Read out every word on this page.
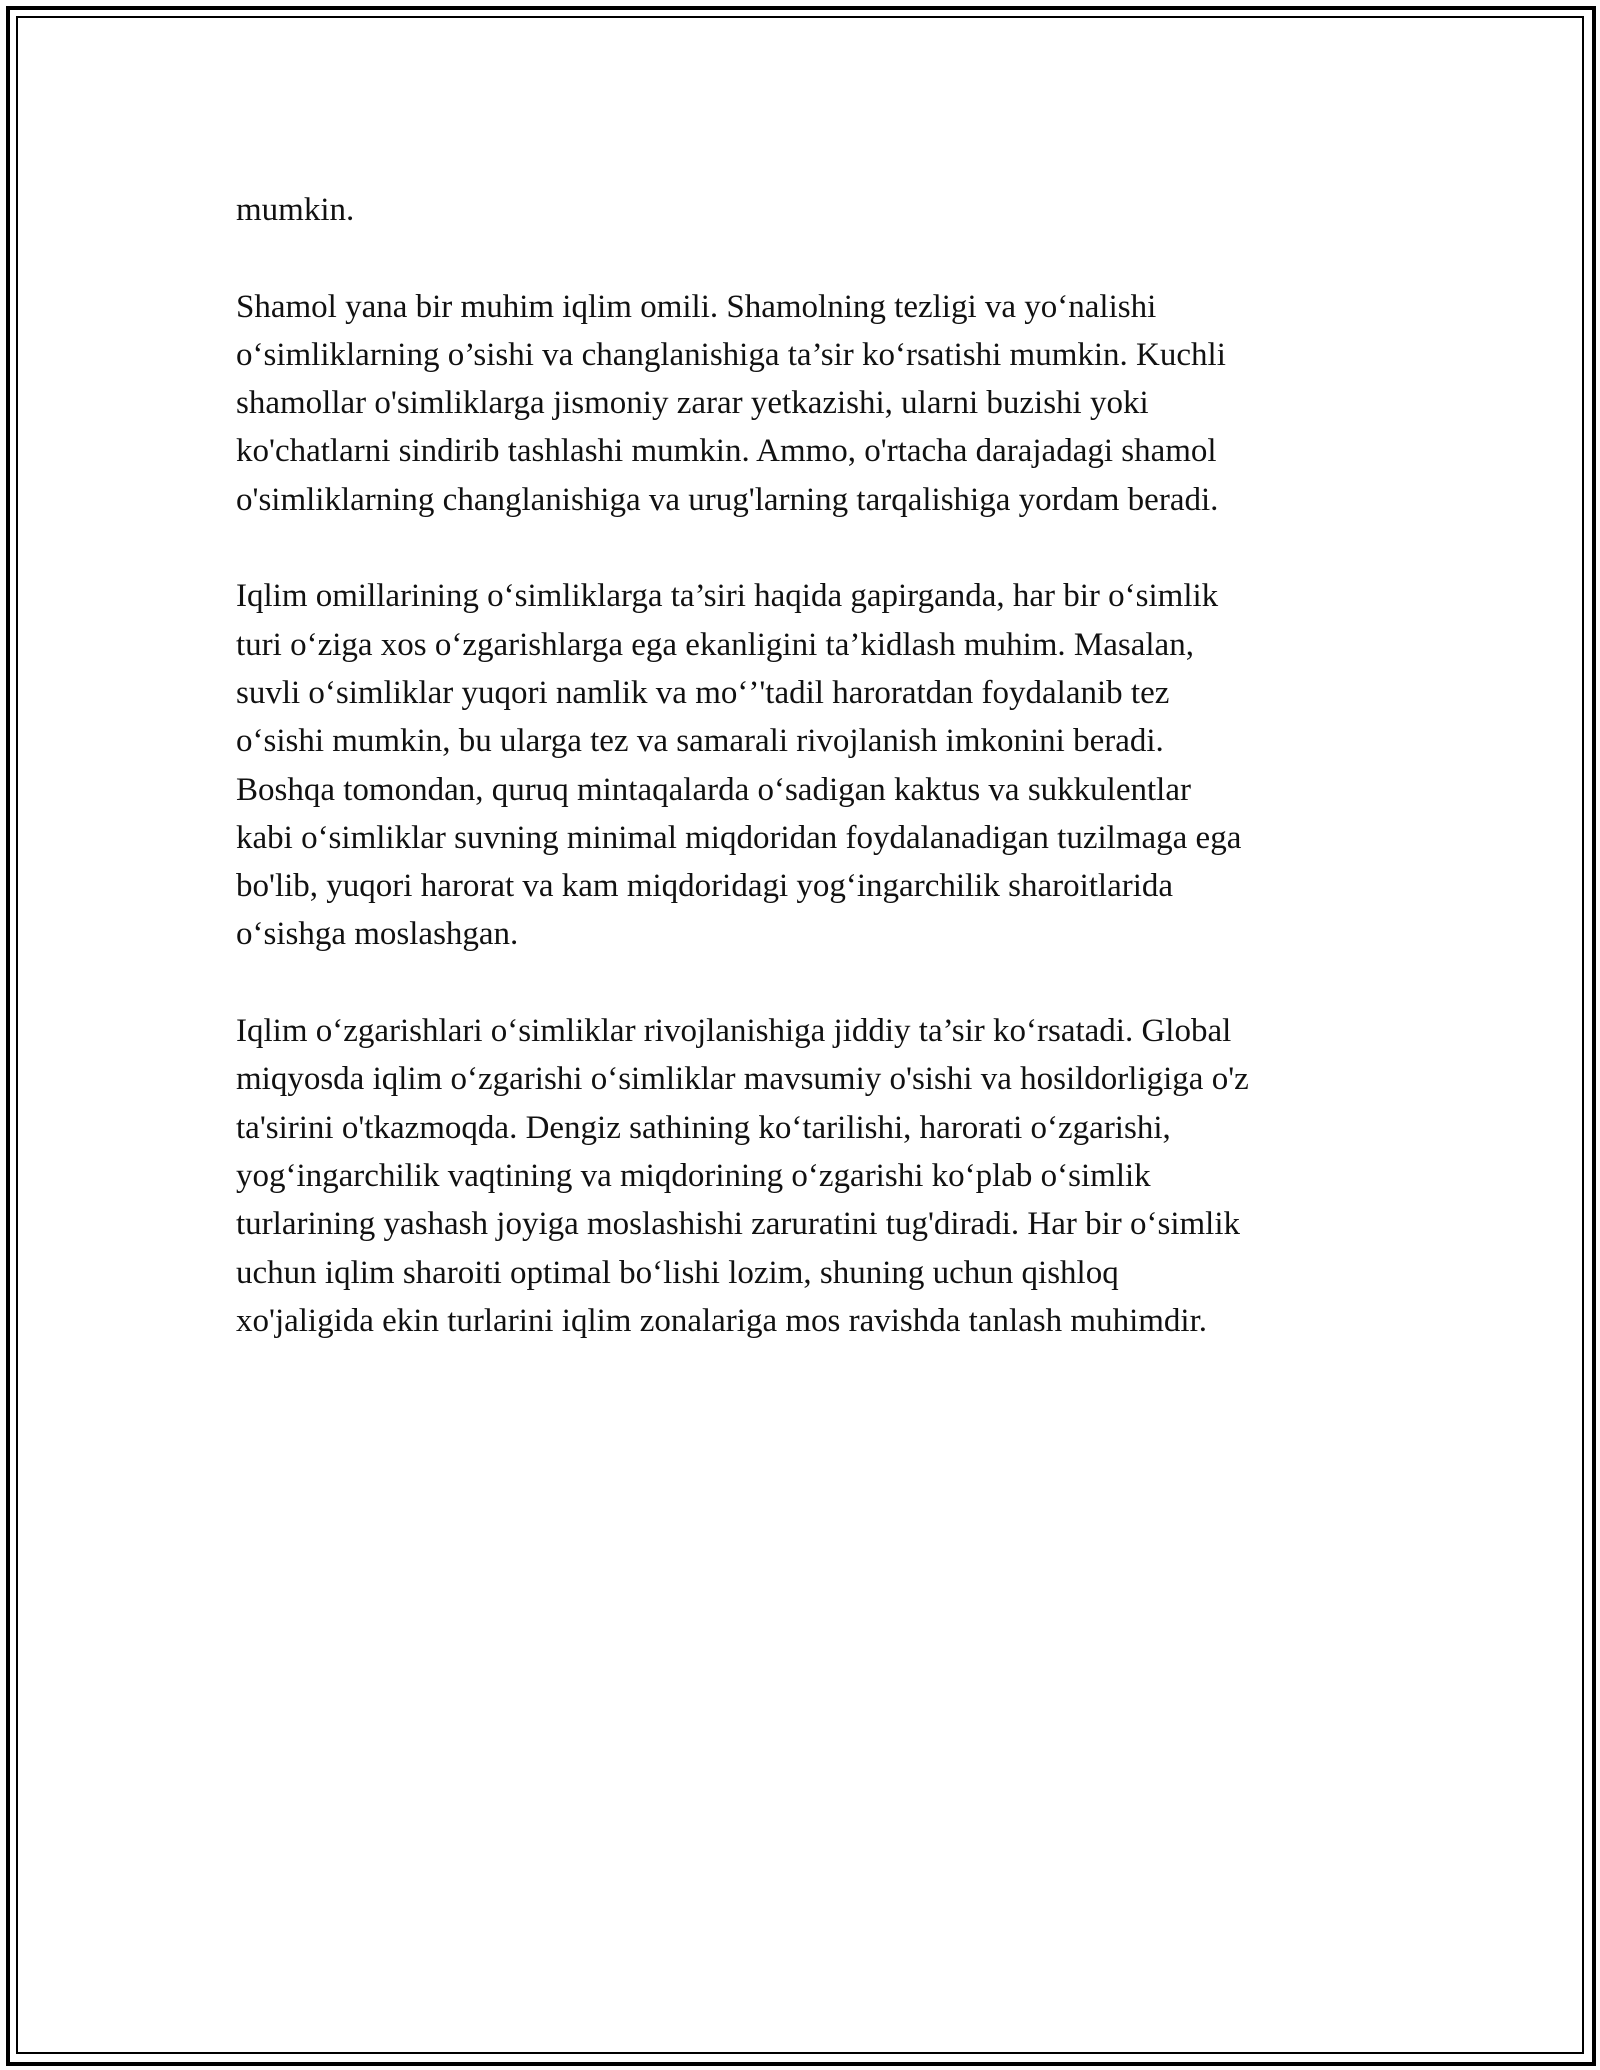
mumkin.
Shamol yana bir muhim iqlim omili. Shamolning tezligi va yo‘nalishi
o‘simliklarning o’sishi va changlanishiga ta’sir ko‘rsatishi mumkin. Kuchli
shamollar o'simliklarga jismoniy zarar yetkazishi, ularni buzishi yoki
ko'chatlarni sindirib tashlashi mumkin. Ammo, o'rtacha darajadagi shamol
o'simliklarning changlanishiga va urug'larning tarqalishiga yordam beradi.
Iqlim omillarining o‘simliklarga ta’siri haqida gapirganda, har bir o‘simlik
turi o‘ziga xos o‘zgarishlarga ega ekanligini ta’kidlash muhim. Masalan,
suvli o‘simliklar yuqori namlik va mo‘’'tadil haroratdan foydalanib tez
o‘sishi mumkin, bu ularga tez va samarali rivojlanish imkonini beradi.
Boshqa tomondan, quruq mintaqalarda o‘sadigan kaktus va sukkulentlar
kabi o‘simliklar suvning minimal miqdoridan foydalanadigan tuzilmaga ega
bo'lib, yuqori harorat va kam miqdoridagi yog‘ingarchilik sharoitlarida
o‘sishga moslashgan.
Iqlim o‘zgarishlari o‘simliklar rivojlanishiga jiddiy ta’sir ko‘rsatadi. Global
miqyosda iqlim o‘zgarishi o‘simliklar mavsumiy o'sishi va hosildorligiga o'z
ta'sirini o'tkazmoqda. Dengiz sathining ko‘tarilishi, harorati o‘zgarishi,
yog‘ingarchilik vaqtining va miqdorining o‘zgarishi ko‘plab o‘simlik
turlarining yashash joyiga moslashishi zaruratini tug'diradi. Har bir o‘simlik
uchun iqlim sharoiti optimal bo‘lishi lozim, shuning uchun qishloq
xo'jaligida ekin turlarini iqlim zonalariga mos ravishda tanlash muhimdir.
